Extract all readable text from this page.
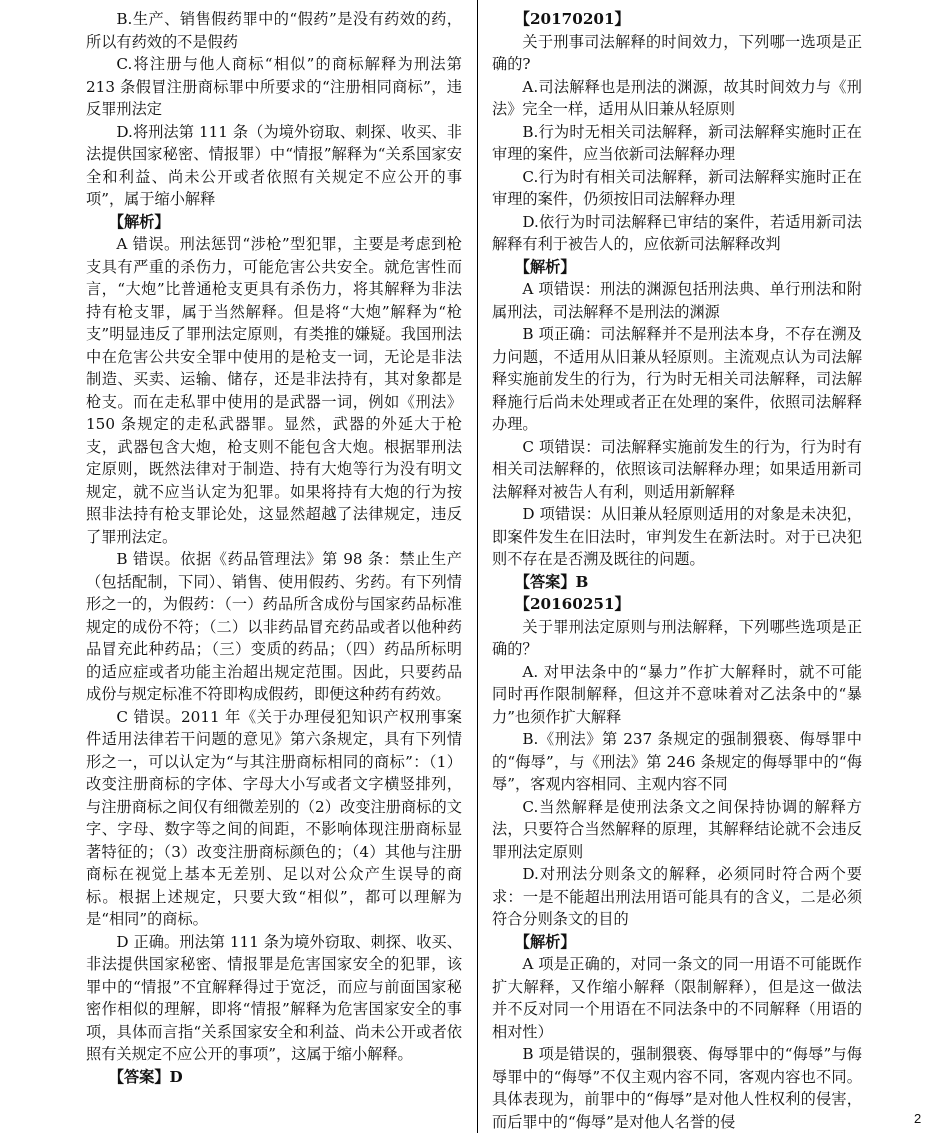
B.生产、销售假药罪中的“假药”是没有药效的药，所以有药效的不是假药

C.将注册与他人商标“相似”的商标解释为刑法第 213 条假冒注册商标罪中所要求的“注册相同商标”，违反罪刑法定

D.将刑法第 111 条（为境外窃取、刺探、收买、非法提供国家秘密、情报罪）中“情报”解释为“关系国家安全和利益、尚未公开或者依照有关规定不应公开的事项”，属于缩小解释

【解析】

A 错误。刑法惩罚“涉枪”型犯罪，主要是考虑到枪支具有严重的杀伤力，可能危害公共安全。就危害性而言，“大炮”比普通枪支更具有杀伤力，将其解释为非法持有枪支罪，属于当然解释。但是将“大炮”解释为“枪支”明显违反了罪刑法定原则，有类推的嫌疑。我国刑法中在危害公共安全罪中使用的是枪支一词，无论是非法制造、买卖、运输、储存，还是非法持有，其对象都是枪支。而在走私罪中使用的是武器一词，例如《刑法》150 条规定的走私武器罪。显然，武器的外延大于枪支，武器包含大炮，枪支则不能包含大炮。根据罪刑法定原则，既然法律对于制造、持有大炮等行为没有明文规定，就不应当认定为犯罪。如果将持有大炮的行为按照非法持有枪支罪论处，这显然超越了法律规定，违反了罪刑法定。

B 错误。依据《药品管理法》第 98 条：禁止生产（包括配制，下同）、销售、使用假药、劣药。有下列情形之一的，为假药：（一）药品所含成份与国家药品标准规定的成份不符；（二）以非药品冒充药品或者以他种药品冒充此种药品；（三）变质的药品；（四）药品所标明的适应症或者功能主治超出规定范围。因此，只要药品成份与规定标准不符即构成假药，即便这种药有药效。

C 错误。2011 年《关于办理侵犯知识产权刑事案件适用法律若干问题的意见》第六条规定，具有下列情形之一，可以认定为“与其注册商标相同的商标”：（1）改变注册商标的字体、字母大小写或者文字横竖排列，与注册商标之间仅有细微差别的（2）改变注册商标的文字、字母、数字等之间的间距，不影响体现注册商标显著特征的；（3）改变注册商标颜色的；（4）其他与注册商标在视觉上基本无差别、足以对公众产生误导的商标。根据上述规定，只要大致“相似”，都可以理解为是“相同”的商标。

D 正确。刑法第 111 条为境外窃取、刺探、收买、非法提供国家秘密、情报罪是危害国家安全的犯罪，该罪中的“情报”不宜解释得过于宽泛，而应与前面国家秘密作相似的理解，即将“情报”解释为危害国家安全的事项，具体而言指“关系国家安全和利益、尚未公开或者依照有关规定不应公开的事项”，这属于缩小解释。

【答案】D

【20170201】

关于刑事司法解释的时间效力，下列哪一选项是正确的?

A.司法解释也是刑法的渊源，故其时间效力与《刑法》完全一样，适用从旧兼从轻原则

B.行为时无相关司法解释，新司法解释实施时正在审理的案件，应当依新司法解释办理

C.行为时有相关司法解释，新司法解释实施时正在审理的案件，仍须按旧司法解释办理

D.依行为时司法解释已审结的案件，若适用新司法解释有利于被告人的，应依新司法解释改判

【解析】

A 项错误：刑法的渊源包括刑法典、单行刑法和附属刑法，司法解释不是刑法的渊源

B 项正确：司法解释并不是刑法本身，不存在溯及力问题，不适用从旧兼从轻原则。主流观点认为司法解释实施前发生的行为，行为时无相关司法解释，司法解释施行后尚未处理或者正在处理的案件，依照司法解释办理。

C 项错误：司法解释实施前发生的行为，行为时有相关司法解释的，依照该司法解释办理；如果适用新司法解释对被告人有利，则适用新解释

D 项错误：从旧兼从轻原则适用的对象是未决犯，即案件发生在旧法时，审判发生在新法时。对于已决犯则不存在是否溯及既往的问题。

【答案】B

【20160251】

关于罪刑法定原则与刑法解释，下列哪些选项是正确的？

A. 对甲法条中的“暴力”作扩大解释时，就不可能同时再作限制解释，但这并不意味着对乙法条中的“暴力”也须作扩大解释

B.《刑法》第 237 条规定的强制猥亵、侮辱罪中的“侮辱”，与《刑法》第 246 条规定的侮辱罪中的“侮辱”，客观内容相同、主观内容不同

C.当然解释是使刑法条文之间保持协调的解释方法，只要符合当然解释的原理，其解释结论就不会违反罪刑法定原则

D.对刑法分则条文的解释，必须同时符合两个要求：一是不能超出刑法用语可能具有的含义，二是必须符合分则条文的目的

【解析】

A 项是正确的，对同一条文的同一用语不可能既作扩大解释，又作缩小解释（限制解释），但是这一做法并不反对同一个用语在不同法条中的不同解释（用语的相对性）

B 项是错误的，强制猥亵、侮辱罪中的“侮辱”与侮辱罪中的“侮辱”不仅主观内容不同，客观内容也不同。具体表现为，前罪中的“侮辱”是对他人性权利的侵害，而后罪中的“侮辱”是对他人名誉的侵	2
